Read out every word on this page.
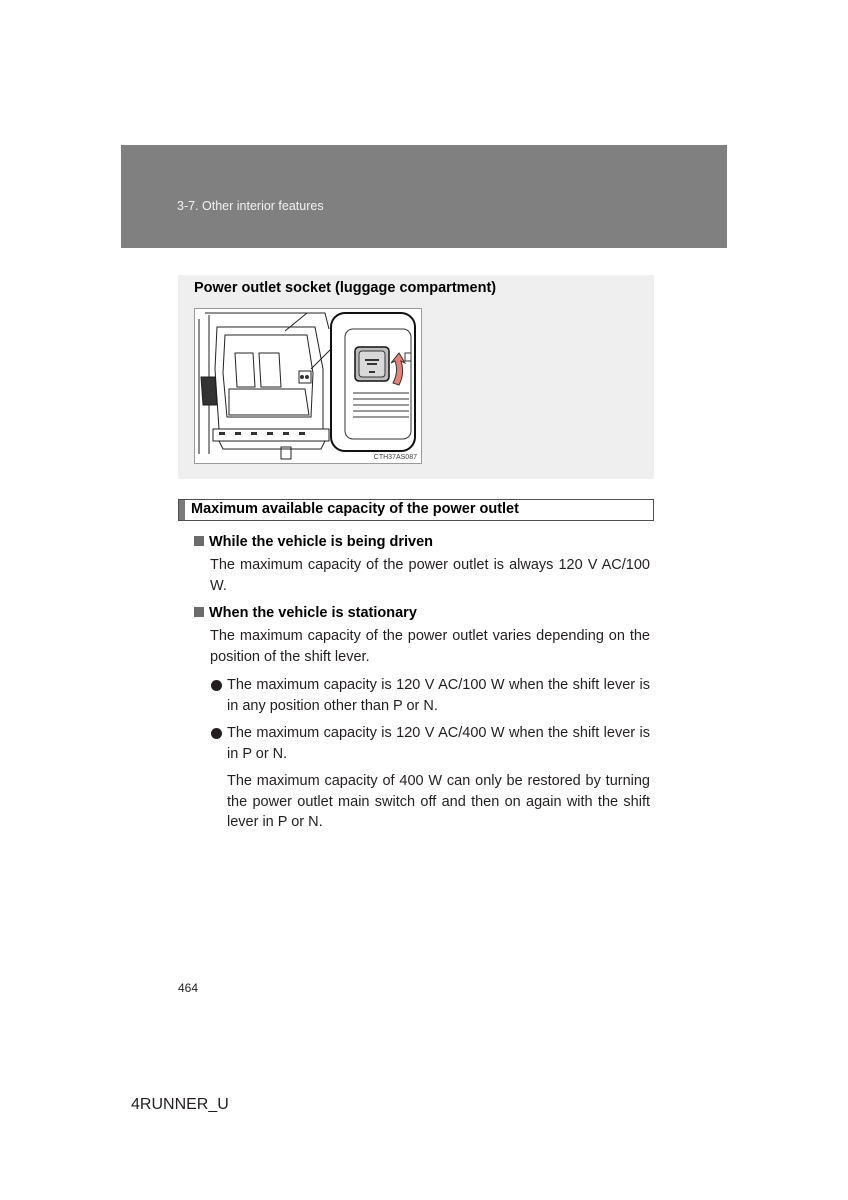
3-7. Other interior features
Power outlet socket (luggage compartment)
CTH37AS087
Maximum available capacity of the power outlet
While the vehicle is being driven
The maximum capacity of the power outlet is always 120 V AC/100 W.
When the vehicle is stationary
The maximum capacity of the power outlet varies depending on the position of the shift lever.
The maximum capacity is 120 V AC/100 W when the shift lever is in any position other than P or N.
The maximum capacity is 120 V AC/400 W when the shift lever is in P or N.
The maximum capacity of 400 W can only be restored by turning the power outlet main switch off and then on again with the shift lever in P or N.
464
4RUNNER_U
